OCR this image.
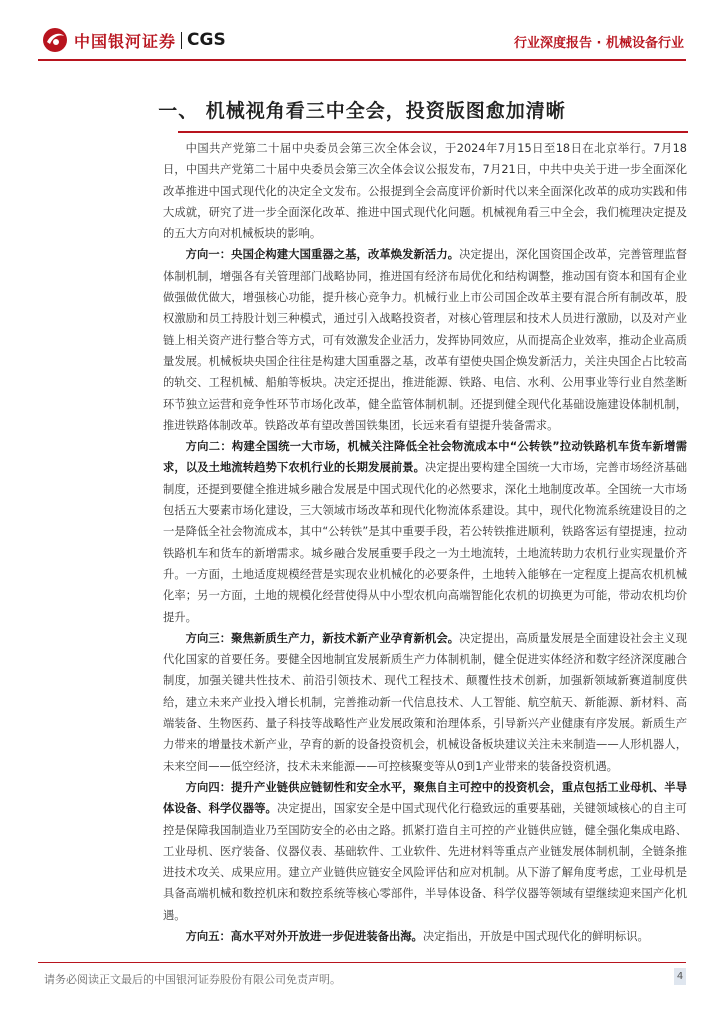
中国银河证券 CGS	行业深度报告 · 机械设备行业
一、 机械视角看三中全会，投资版图愈加清晰

中国共产党第二十届中央委员会第三次全体会议，于2024年7月15日至18日在北京举行。7月18日，中国共产党第二十届中央委员会第三次全体会议公报发布，7月21日，中共中央关于进一步全面深化改革推进中国式现代化的决定全文发布。公报提到全会高度评价新时代以来全面深化改革的成功实践和伟大成就，研究了进一步全面深化改革、推进中国式现代化问题。机械视角看三中全会，我们梳理决定提及的五大方向对机械板块的影响。

方向一：央国企构建大国重器之基，改革焕发新活力。决定提出，深化国资国企改革，完善管理监督体制机制，增强各有关管理部门战略协同，推进国有经济布局优化和结构调整，推动国有资本和国有企业做强做优做大，增强核心功能，提升核心竞争力。机械行业上市公司国企改革主要有混合所有制改革，股权激励和员工持股计划三种模式，通过引入战略投资者，对核心管理层和技术人员进行激励，以及对产业链上相关资产进行整合等方式，可有效激发企业活力，发挥协同效应，从而提高企业效率，推动企业高质量发展。机械板块央国企往往是构建大国重器之基，改革有望使央国企焕发新活力，关注央国企占比较高的轨交、工程机械、船舶等板块。决定还提出，推进能源、铁路、电信、水利、公用事业等行业自然垄断环节独立运营和竞争性环节市场化改革，健全监管体制机制。还提到健全现代化基础设施建设体制机制，推进铁路体制改革。铁路改革有望改善国铁集团，长远来看有望提升装备需求。

方向二：构建全国统一大市场，机械关注降低全社会物流成本中“公转铁”拉动铁路机车货车新增需求，以及土地流转趋势下农机行业的长期发展前景。决定提出要构建全国统一大市场，完善市场经济基础制度，还提到要健全推进城乡融合发展是中国式现代化的必然要求，深化土地制度改革。全国统一大市场包括五大要素市场化建设，三大领域市场改革和现代化物流体系建设。其中，现代化物流系统建设目的之一是降低全社会物流成本，其中“公转铁”是其中重要手段，若公转铁推进顺利，铁路客运有望提速，拉动铁路机车和货车的新增需求。城乡融合发展重要手段之一为土地流转，土地流转助力农机行业实现量价齐升。一方面，土地适度规模经营是实现农业机械化的必要条件，土地转入能够在一定程度上提高农机机械化率；另一方面，土地的规模化经营使得从中小型农机向高端智能化农机的切换更为可能，带动农机均价提升。

方向三：聚焦新质生产力，新技术新产业孕育新机会。决定提出，高质量发展是全面建设社会主义现代化国家的首要任务。要健全因地制宜发展新质生产力体制机制，健全促进实体经济和数字经济深度融合制度，加强关键共性技术、前沿引领技术、现代工程技术、颠覆性技术创新，加强新领域新赛道制度供给，建立未来产业投入增长机制，完善推动新一代信息技术、人工智能、航空航天、新能源、新材料、高端装备、生物医药、量子科技等战略性产业发展政策和治理体系，引导新兴产业健康有序发展。新质生产力带来的增量技术新产业，孕育的新的设备投资机会，机械设备板块建议关注未来制造——人形机器人，未来空间——低空经济，技术未来能源——可控核聚变等从0到1产业带来的装备投资机遇。

方向四：提升产业链供应链韧性和安全水平，聚焦自主可控中的投资机会，重点包括工业母机、半导体设备、科学仪器等。决定提出，国家安全是中国式现代化行稳致远的重要基础，关键领域核心的自主可控是保障我国制造业乃至国防安全的必由之路。抓紧打造自主可控的产业链供应链，健全强化集成电路、工业母机、医疗装备、仪器仪表、基础软件、工业软件、先进材料等重点产业链发展体制机制，全链条推进技术攻关、成果应用。建立产业链供应链安全风险评估和应对机制。从下游了解角度考虑，工业母机是具备高端机械和数控机床和数控系统等核心零部件，半导体设备、科学仪器等领域有望继续迎来国产化机遇。

方向五：高水平对外开放进一步促进装备出海。决定指出，开放是中国式现代化的鲜明标识。

请务必阅读正文最后的中国银河证券股份有限公司免责声明。	4
